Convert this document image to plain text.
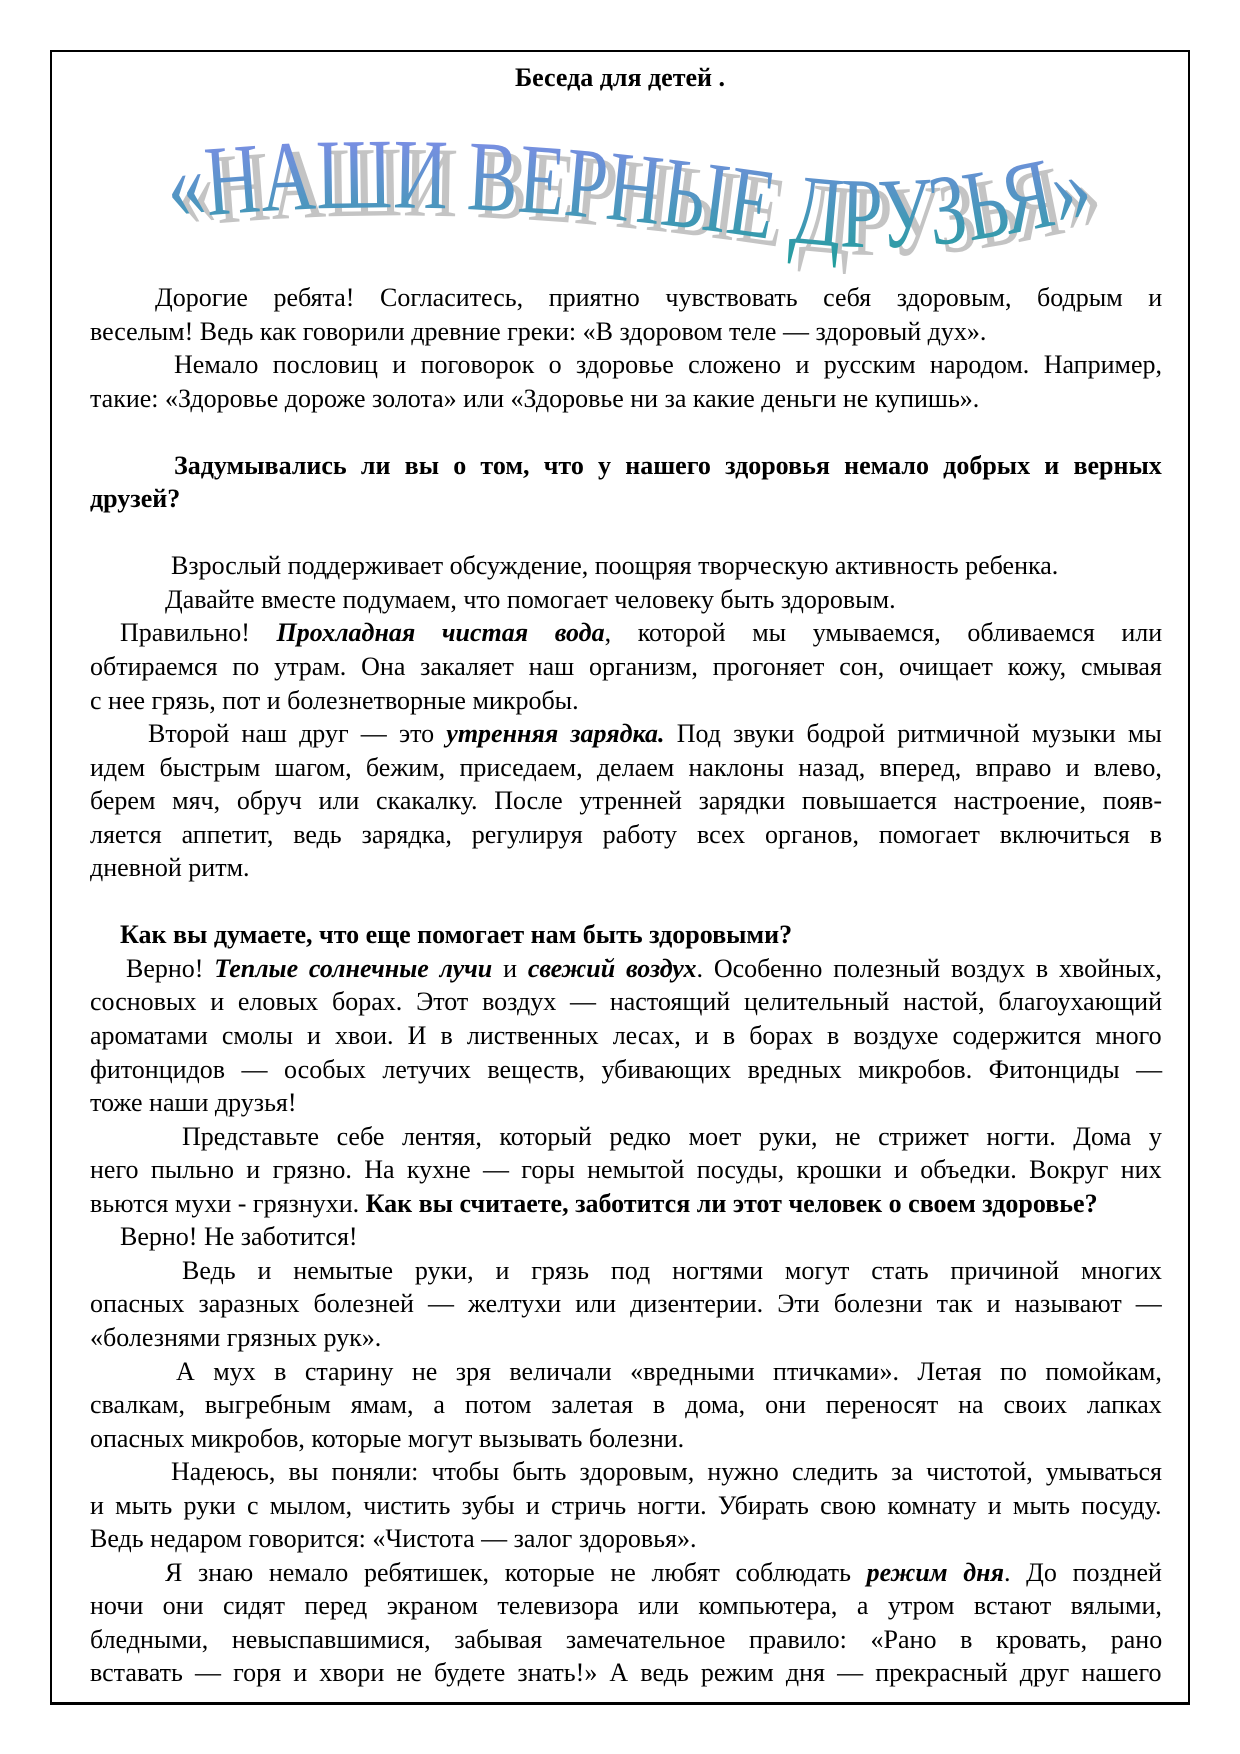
Беседа для детей .
«НАШИ ВЕРНЫЕ ДРУЗЬЯ»
Дорогие ребята! Согласитесь, приятно чувствовать себя здоровым, бодрым и
веселым! Ведь как говорили древние греки: «В здоровом теле — здоровый дух».
Немало пословиц и поговорок о здоровье сложено и русским народом. Например,
такие: «Здоровье дороже золота» или «Здоровье ни за какие деньги не купишь».
Задумывались ли вы о том, что у нашего здоровья немало добрых и верных
друзей?
Взрослый поддерживает обсуждение, поощряя творческую активность ребенка.
Давайте вместе подумаем, что помогает человеку быть здоровым.
Правильно! Прохладная чистая вода, которой мы умываемся, обливаемся или
обтираемся по утрам. Она закаляет наш организм, прогоняет сон, очищает кожу, смывая
с нее грязь, пот и болезнетворные микробы.
Второй наш друг — это утренняя зарядка. Под звуки бодрой ритмичной музыки мы
идем быстрым шагом, бежим, приседаем, делаем наклоны назад, вперед, вправо и влево,
берем мяч, обруч или скакалку. После утренней зарядки повышается настроение, появ-
ляется аппетит, ведь зарядка, регулируя работу всех органов, помогает включиться в
дневной ритм.
Как вы думаете, что еще помогает нам быть здоровыми?
Верно! Теплые солнечные лучи и свежий воздух. Особенно полезный воздух в хвойных,
сосновых и еловых борах. Этот воздух — настоящий целительный настой, благоухающий
ароматами смолы и хвои. И в лиственных лесах, и в борах в воздухе содержится много
фитонцидов — особых летучих веществ, убивающих вредных микробов. Фитонциды —
тоже наши друзья!
Представьте себе лентяя, который редко моет руки, не стрижет ногти. Дома у
него пыльно и грязно. На кухне — горы немытой посуды, крошки и объедки. Вокруг них
вьются мухи - грязнухи. Как вы считаете, заботится ли этот человек о своем здоровье?
Верно! Не заботится!
Ведь и немытые руки, и грязь под ногтями могут стать причиной многих
опасных заразных болезней — желтухи или дизентерии. Эти болезни так и называют —
«болезнями грязных рук».
А мух в старину не зря величали «вредными птичками». Летая по помойкам,
свалкам, выгребным ямам, а потом залетая в дома, они переносят на своих лапках
опасных микробов, которые могут вызывать болезни.
Надеюсь, вы поняли: чтобы быть здоровым, нужно следить за чистотой, умываться
и мыть руки с мылом, чистить зубы и стричь ногти. Убирать свою комнату и мыть посуду.
Ведь недаром говорится: «Чистота — залог здоровья».
Я знаю немало ребятишек, которые не любят соблюдать режим дня. До поздней
ночи они сидят перед экраном телевизора или компьютера, а утром встают вялыми,
бледными, невыспавшимися, забывая замечательное правило: «Рано в кровать, рано
вставать — горя и хвори не будете знать!» А ведь режим дня — прекрасный друг нашего
